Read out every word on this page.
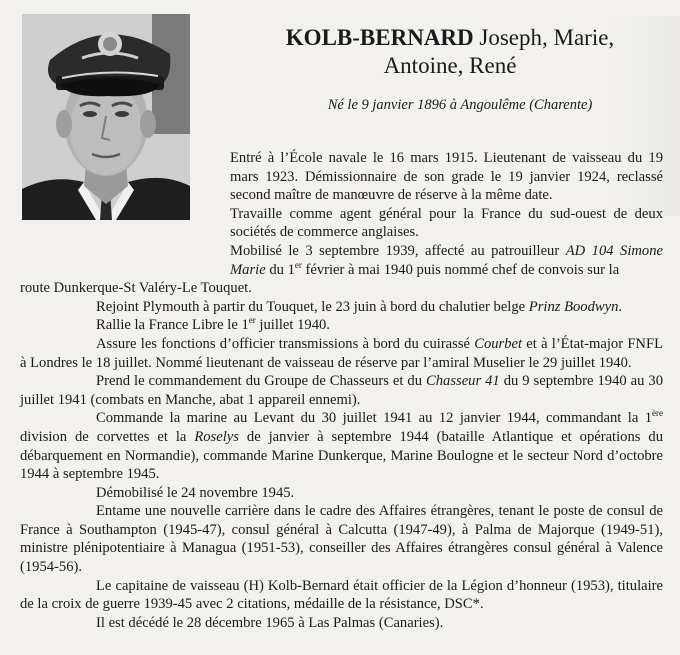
KOLB-BERNARD Joseph, Marie,
Antoine, René
Né le 9 janvier 1896 à Angoulême (Charente)

Entré à l’École navale le 16 mars 1915. Lieutenant de vaisseau du 19 mars 1923. Démissionnaire de son grade le 19 janvier 1924, reclassé second maître de manœuvre de réserve à la même date.

Travaille comme agent général pour la France du sud-ouest de deux sociétés de commerce anglaises.

Mobilisé le 3 septembre 1939, affecté au patrouilleur AD 104 Simone Marie du 1er février à mai 1940 puis nommé chef de convois sur la

route Dunkerque-St Valéry-Le Touquet.

Rejoint Plymouth à partir du Touquet, le 23 juin à bord du chalutier belge Prinz Boodwyn.

Rallie la France Libre le 1er juillet 1940.

Assure les fonctions d’officier transmissions à bord du cuirassé Courbet et à l’État-major FNFL à Londres le 18 juillet. Nommé lieutenant de vaisseau de réserve par l’amiral Muselier le 29 juillet 1940.

Prend le commandement du Groupe de Chasseurs et du Chasseur 41 du 9 septembre 1940 au 30 juillet 1941 (combats en Manche, abat 1 appareil ennemi).

Commande la marine au Levant du 30 juillet 1941 au 12 janvier 1944, commandant la 1ère division de corvettes et la Roselys de janvier à septembre 1944 (bataille Atlantique et opérations du débarquement en Normandie), commande Marine Dunkerque, Marine Boulogne et le secteur Nord d’octobre 1944 à septembre 1945.

Démobilisé le 24 novembre 1945.

Entame une nouvelle carrière dans le cadre des Affaires étrangères, tenant le poste de consul de France à Southampton (1945-47), consul général à Calcutta (1947-49), à Palma de Majorque (1949-51), ministre plénipotentiaire à Managua (1951-53), conseiller des Affaires étrangères consul général à Valence (1954-56).

Le capitaine de vaisseau (H) Kolb-Bernard était officier de la Légion d’honneur (1953), titulaire de la croix de guerre 1939-45 avec 2 citations, médaille de la résistance, DSC*.

Il est décédé le 28 décembre 1965 à Las Palmas (Canaries).
